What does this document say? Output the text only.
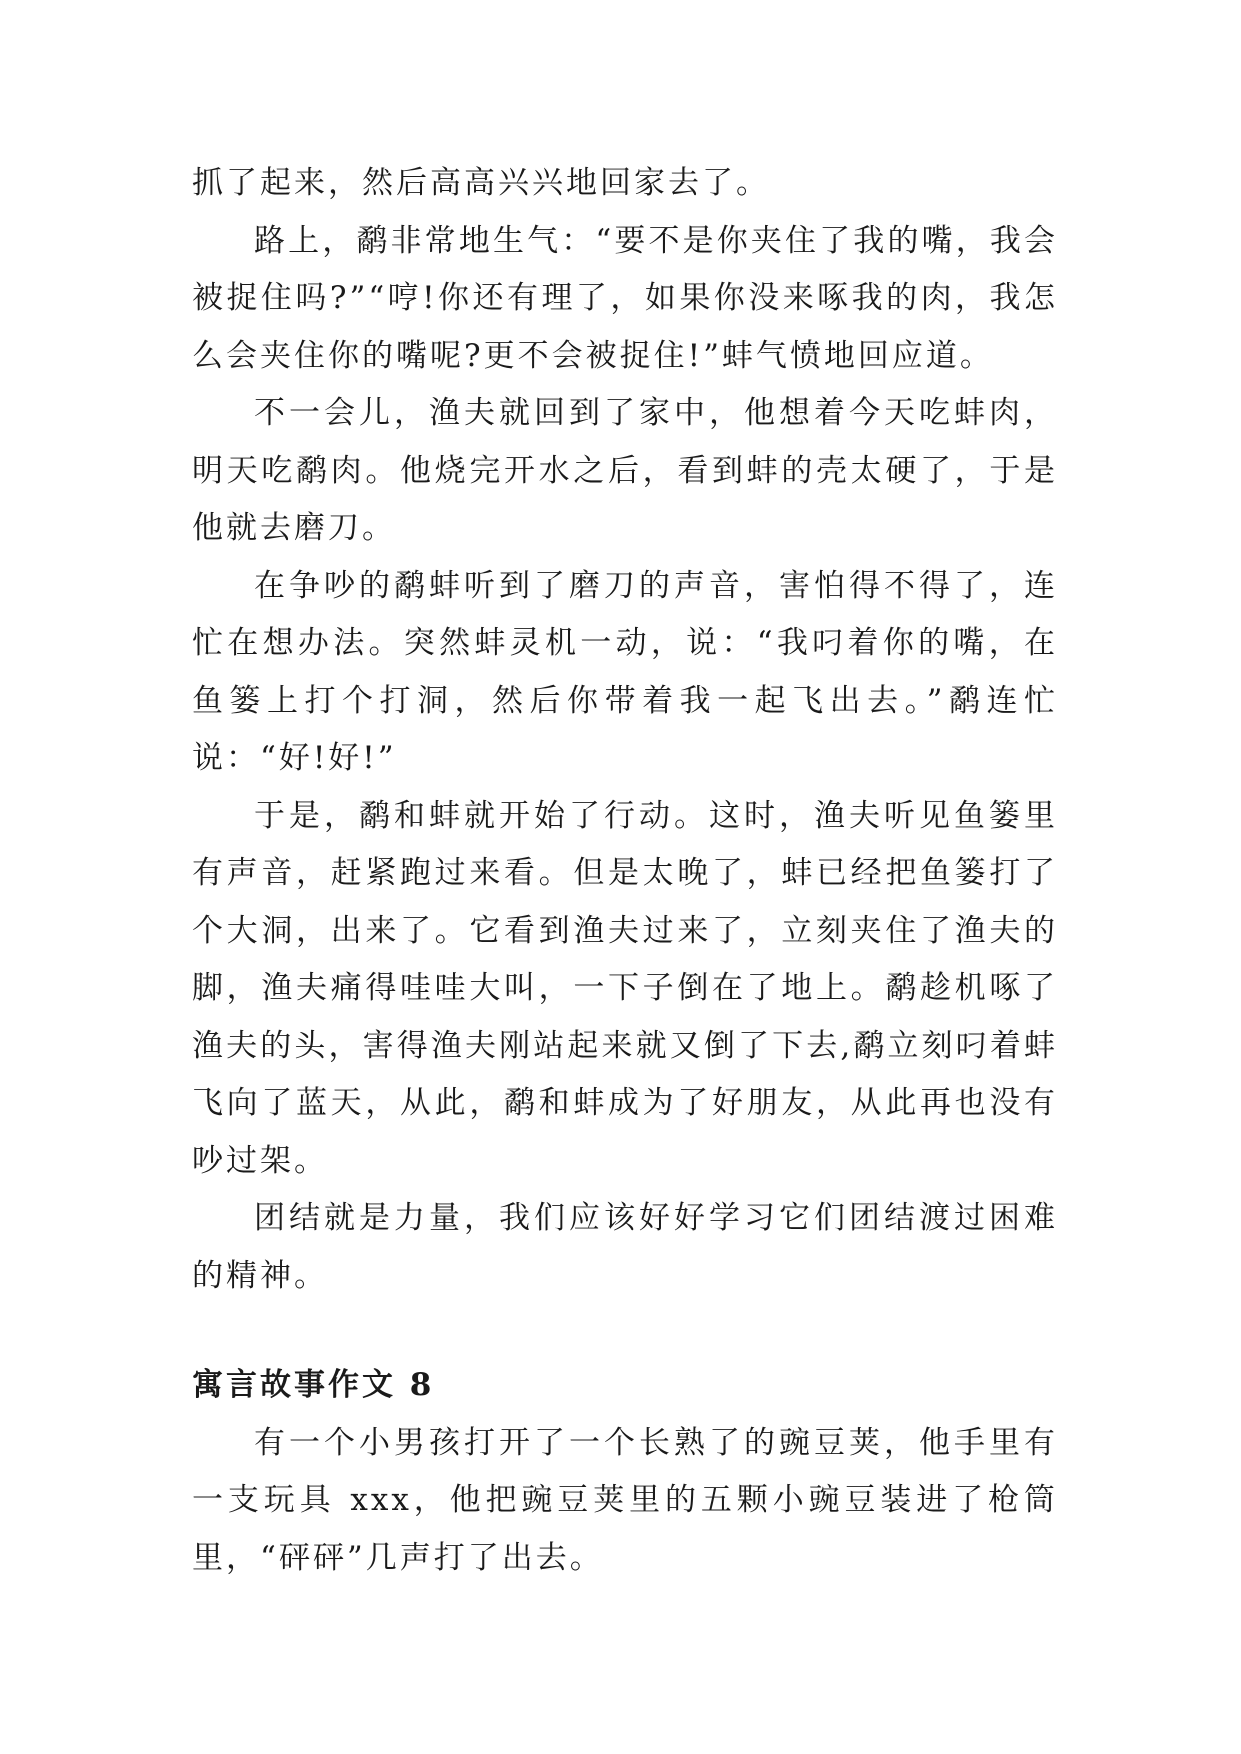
抓了起来，然后高高兴兴地回家去了。

路上，鹬非常地生气：“要不是你夹住了我的嘴，我会被捉住吗?”“哼!你还有理了，如果你没来啄我的肉，我怎么会夹住你的嘴呢?更不会被捉住!”蚌气愤地回应道。

不一会儿，渔夫就回到了家中，他想着今天吃蚌肉，明天吃鹬肉。他烧完开水之后，看到蚌的壳太硬了，于是他就去磨刀。

在争吵的鹬蚌听到了磨刀的声音，害怕得不得了，连忙在想办法。突然蚌灵机一动，说：“我叼着你的嘴，在鱼篓上打个打洞，然后你带着我一起飞出去。”鹬连忙说：“好!好!”

于是，鹬和蚌就开始了行动。这时，渔夫听见鱼篓里有声音，赶紧跑过来看。但是太晚了，蚌已经把鱼篓打了个大洞，出来了。它看到渔夫过来了，立刻夹住了渔夫的脚，渔夫痛得哇哇大叫，一下子倒在了地上。鹬趁机啄了渔夫的头，害得渔夫刚站起来就又倒了下去,鹬立刻叼着蚌飞向了蓝天，从此，鹬和蚌成为了好朋友，从此再也没有吵过架。

团结就是力量，我们应该好好学习它们团结渡过困难的精神。

寓言故事作文 8

有一个小男孩打开了一个长熟了的豌豆荚，他手里有一支玩具 xxx，他把豌豆荚里的五颗小豌豆装进了枪筒里，“砰砰”几声打了出去。
